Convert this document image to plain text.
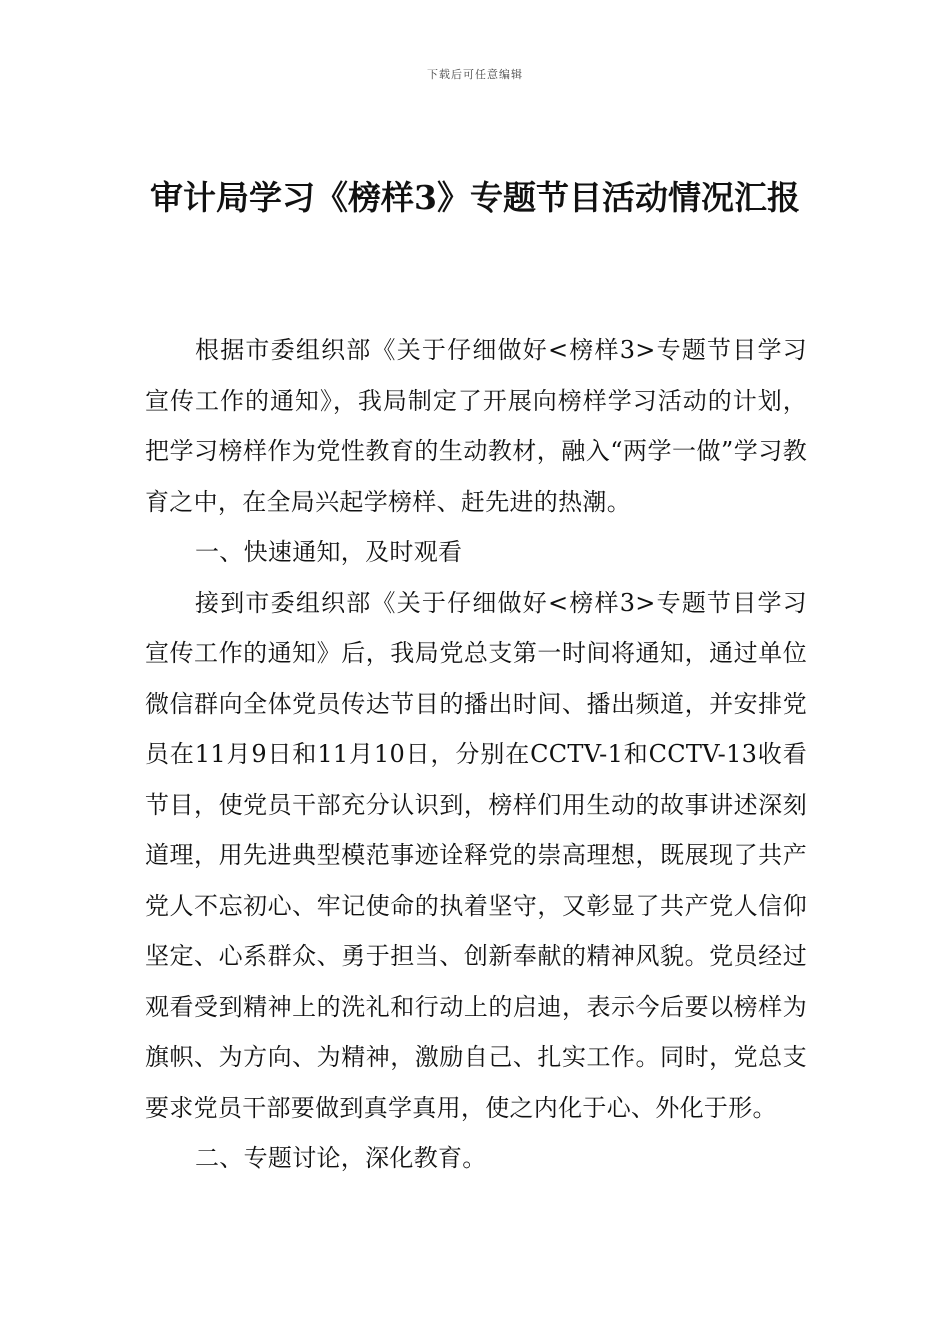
下载后可任意编辑
审计局学习《榜样3》专题节目活动情况汇报

根据市委组织部《关于仔细做好<榜样3>专题节目学习宣传工作的通知》，我局制定了开展向榜样学习活动的计划，把学习榜样作为党性教育的生动教材，融入“两学一做”学习教育之中，在全局兴起学榜样、赶先进的热潮。

一、快速通知，及时观看

接到市委组织部《关于仔细做好<榜样3>专题节目学习宣传工作的通知》后，我局党总支第一时间将通知，通过单位微信群向全体党员传达节目的播出时间、播出频道，并安排党员在11月9日和11月10日，分别在CCTV-1和CCTV-13收看节目，使党员干部充分认识到，榜样们用生动的故事讲述深刻道理，用先进典型模范事迹诠释党的崇高理想，既展现了共产党人不忘初心、牢记使命的执着坚守，又彰显了共产党人信仰坚定、心系群众、勇于担当、创新奉献的精神风貌。党员经过观看受到精神上的洗礼和行动上的启迪，表示今后要以榜样为旗帜、为方向、为精神，激励自己、扎实工作。同时，党总支要求党员干部要做到真学真用，使之内化于心、外化于形。

二、专题讨论，深化教育。
